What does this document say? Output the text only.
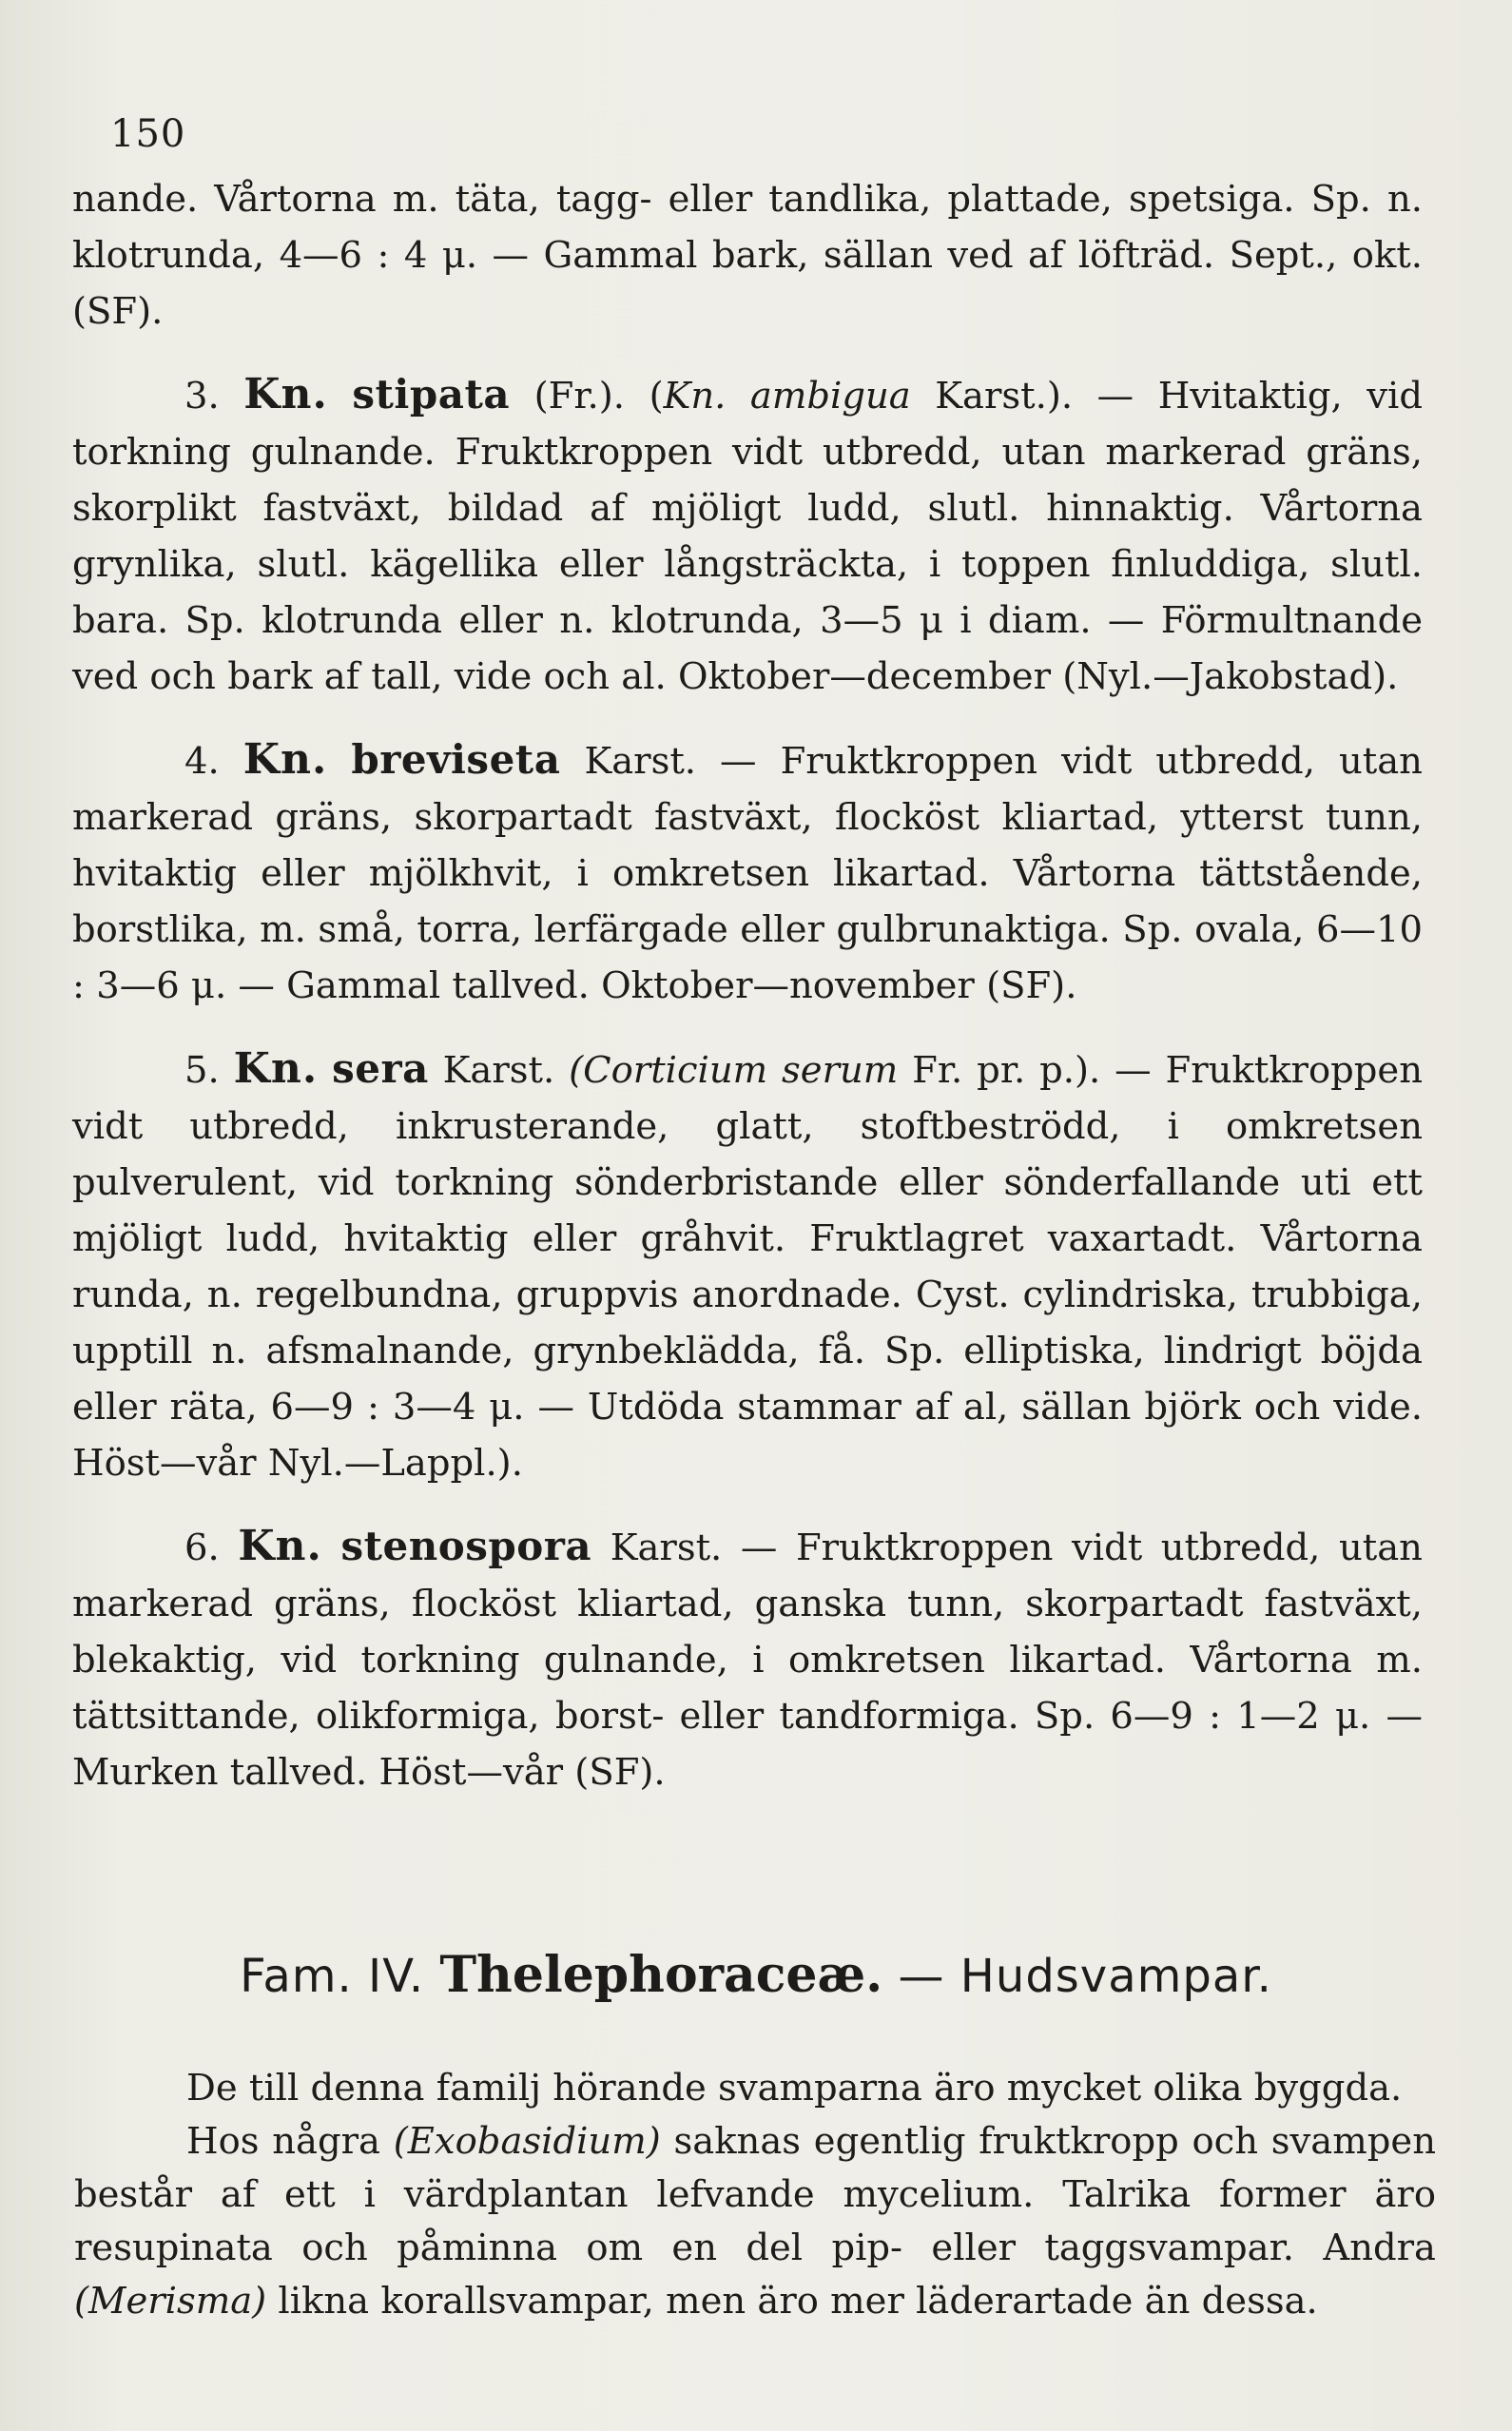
150

nande. Vårtorna m. täta, tagg- eller tandlika, plattade, spetsiga. Sp. n. klotrunda, 4—6 : 4 μ. — Gammal bark, sällan ved af löfträd. Sept., okt. (SF).

3. Kn. stipata (Fr.). (Kn. ambigua Karst.). — Hvitaktig, vid torkning gulnande. Fruktkroppen vidt utbredd, utan markerad gräns, skorplikt fastväxt, bildad af mjöligt ludd, slutl. hinnaktig. Vårtorna grynlika, slutl. kägellika eller långsträckta, i toppen finluddiga, slutl. bara. Sp. klotrunda eller n. klotrunda, 3—5 μ i diam. — Förmultnande ved och bark af tall, vide och al. Oktober—december (Nyl.—Jakobstad).

4. Kn. breviseta Karst. — Fruktkroppen vidt utbredd, utan markerad gräns, skorpartadt fastväxt, flocköst kliartad, ytterst tunn, hvitaktig eller mjölkhvit, i omkretsen likartad. Vårtorna tättstående, borstlika, m. små, torra, lerfärgade eller gulbrunaktiga. Sp. ovala, 6—10 : 3—6 μ. — Gammal tallved. Oktober—november (SF).

5. Kn. sera Karst. (Corticium serum Fr. pr. p.). — Fruktkroppen vidt utbredd, inkrusterande, glatt, stoftbeströdd, i omkretsen pulverulent, vid torkning sönderbristande eller sönderfallande uti ett mjöligt ludd, hvitaktig eller gråhvit. Fruktlagret vaxartadt. Vårtorna runda, n. regelbundna, gruppvis anordnade. Cyst. cylindriska, trubbiga, upptill n. afsmalnande, grynbeklädda, få. Sp. elliptiska, lindrigt böjda eller räta, 6—9 : 3—4 μ. — Utdöda stammar af al, sällan björk och vide. Höst—vår Nyl.—Lappl.).

6. Kn. stenospora Karst. — Fruktkroppen vidt utbredd, utan markerad gräns, flocköst kliartad, ganska tunn, skorpartadt fastväxt, blekaktig, vid torkning gulnande, i omkretsen likartad. Vårtorna m. tättsittande, olikformiga, borst- eller tandformiga. Sp. 6—9 : 1—2 μ. — Murken tallved. Höst—vår (SF).

Fam. IV. Thelephoraceæ. — Hudsvampar.

De till denna familj hörande svamparna äro mycket olika byggda.

Hos några (Exobasidium) saknas egentlig fruktkropp och svampen består af ett i värdplantan lefvande mycelium. Talrika former äro resupinata och påminna om en del pip- eller taggsvampar. Andra (Merisma) likna korallsvampar, men äro mer läderartade än dessa.
